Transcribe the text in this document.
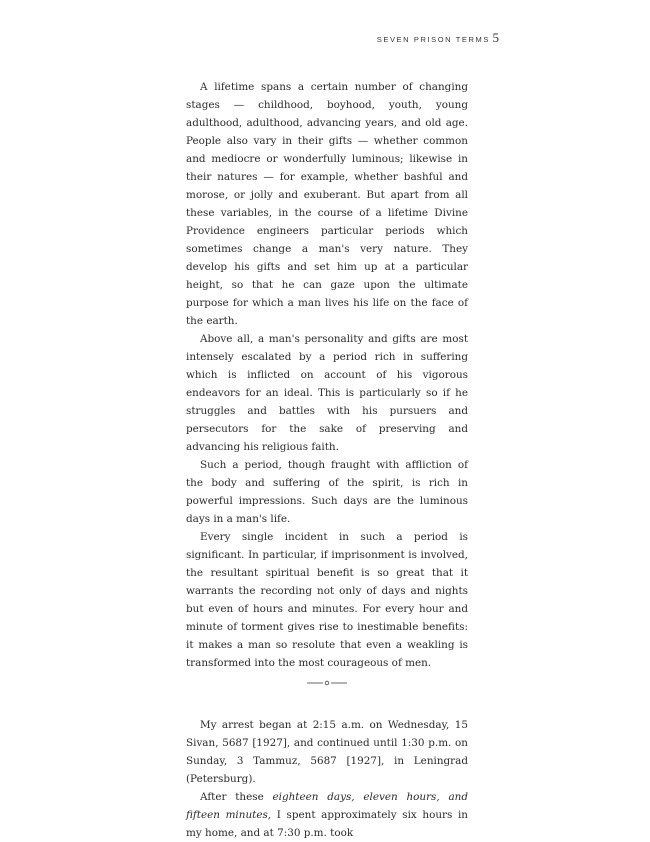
SEVEN PRISON TERMS 5

A lifetime spans a certain number of changing stages — childhood, boyhood, youth, young adulthood, adulthood, advancing years, and old age. People also vary in their gifts — whether common and mediocre or wonderfully luminous; likewise in their natures — for example, whether bashful and morose, or jolly and exuberant. But apart from all these variables, in the course of a lifetime Divine Providence engineers particular periods which sometimes change a man's very nature. They develop his gifts and set him up at a particular height, so that he can gaze upon the ultimate purpose for which a man lives his life on the face of the earth.

Above all, a man's personality and gifts are most intensely escalated by a period rich in suffering which is inflicted on account of his vigorous endeavors for an ideal. This is particularly so if he struggles and battles with his pursuers and persecutors for the sake of preserving and advancing his religious faith.

Such a period, though fraught with affliction of the body and suffering of the spirit, is rich in powerful impressions. Such days are the luminous days in a man's life.

Every single incident in such a period is significant. In particular, if imprisonment is involved, the resultant spiritual benefit is so great that it warrants the recording not only of days and nights but even of hours and minutes. For every hour and minute of torment gives rise to inestimable benefits: it makes a man so resolute that even a weakling is transformed into the most courageous of men.

My arrest began at 2:15 a.m. on Wednesday, 15 Sivan, 5687 [1927], and continued until 1:30 p.m. on Sunday, 3 Tammuz, 5687 [1927], in Leningrad (Petersburg).

After these eighteen days, eleven hours, and fifteen minutes, I spent approximately six hours in my home, and at 7:30 p.m. took
